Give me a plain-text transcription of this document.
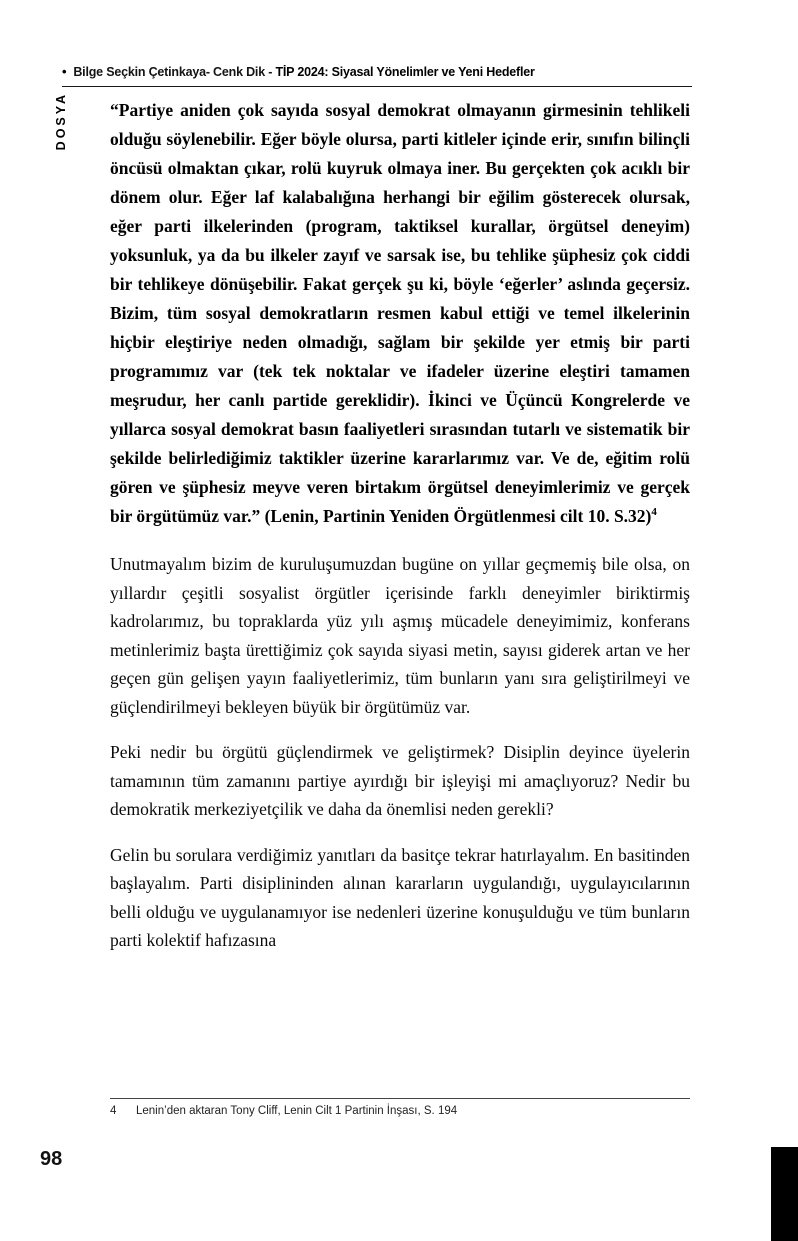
• Bilge Seçkin Çetinkaya- Cenk Dik - TİP 2024: Siyasal Yönelimler ve Yeni Hedefler
DOSYA “Partiye aniden çok sayıda sosyal demokrat olmayanın girmesinin tehlikeli olduğu söylenebilir. Eğer böyle olursa, parti kitleler içinde erir, sınıfın bilinçli öncüsü olmaktan çıkar, rolü kuyruk olmaya iner. Bu gerçekten çok acıklı bir dönem olur. Eğer laf kalabalığına herhangi bir eğilim gösterecek olursak, eğer parti ilkelerinden (program, taktiksel kurallar, örgütsel deneyim) yoksunluk, ya da bu ilkeler zayıf ve sarsak ise, bu tehlike şüphesiz çok ciddi bir tehlikeye dönüşebilir. Fakat gerçek şu ki, böyle ‘eğerler’ aslında geçersiz. Bizim, tüm sosyal demokratların resmen kabul ettiği ve temel ilkelerinin hiçbir eleştiriye neden olmadığı, sağlam bir şekilde yer etmiş bir parti programımız var (tek tek noktalar ve ifadeler üzerine eleştiri tamamen meşrudur, her canlı partide gereklidir). İkinci ve Üçüncü Kongrelerde ve yıllarca sosyal demokrat basın faaliyetleri sırasından tutarlı ve sistematik bir şekilde belirlediğimiz taktikler üzerine kararlarımız var. Ve de, eğitim rolü gören ve şüphesiz meyve veren birtakım örgütsel deneyimlerimiz ve gerçek bir örgütümüz var.” (Lenin, Partinin Yeniden Örgütlenmesi cilt 10. S.32)$^4$

Unutmayalım bizim de kuruluşumuzdan bugüne on yıllar geçmemiş bile olsa, on yıllardır çeşitli sosyalist örgütler içerisinde farklı deneyimler biriktirmiş kadrolarımız, bu topraklarda yüz yılı aşmış mücadele deneyimimiz, konferans metinlerimiz başta ürettiğimiz çok sayıda siyasi metin, sayısı giderek artan ve her geçen gün gelişen yayın faaliyetlerimiz, tüm bunların yanı sıra geliştirilmeyi ve güçlendirilmeyi bekleyen büyük bir örgütümüz var.

Peki nedir bu örgütü güçlendirmek ve geliştirmek? Disiplin deyince üyelerin tamamının tüm zamanını partiye ayırdığı bir işleyişi mi amaçlıyoruz? Nedir bu demokratik merkeziyetçilik ve daha da önemlisi neden gerekli?

Gelin bu sorulara verdiğimiz yanıtları da basitçe tekrar hatırlayalım. En basitinden başlayalım. Parti disiplininden alınan kararların uygulandığı, uygulayıcılarının belli olduğu ve uygulanamıyor ise nedenleri üzerine konuşulduğu ve tüm bunların parti kolektif hafızasına

4 Lenin’den aktaran Tony Cliff, Lenin Cilt 1 Partinin İnşası, S. 194
98
